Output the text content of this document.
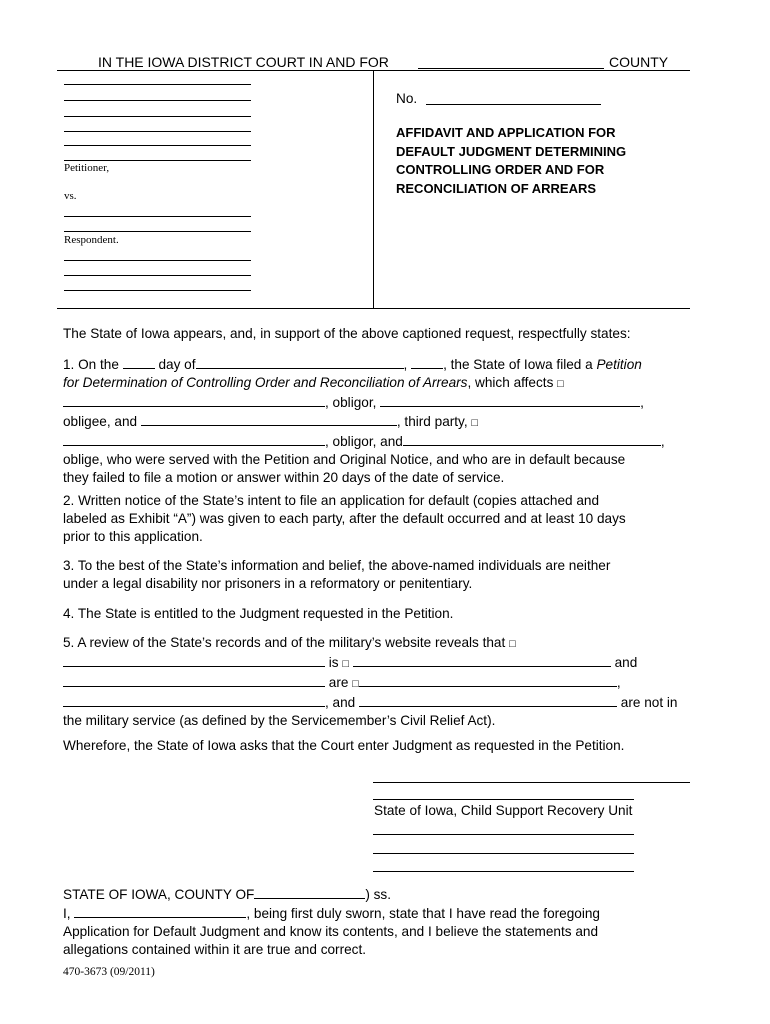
IN THE IOWA DISTRICT COURT IN AND FOR	COUNTY
Petitioner,
vs.
Respondent.
No.
AFFIDAVIT AND APPLICATION FOR
DEFAULT JUDGMENT DETERMINING
CONTROLLING ORDER AND FOR
RECONCILIATION OF ARREARS
The State of Iowa appears, and, in support of the above captioned request, respectfully states:
1. On the	day of	,	, the State of Iowa filed a Petition
for Determination of Controlling Order and Reconciliation of Arrears, which affects □
, obligor,	,
obligee, and	, third party, □
, obligor, and	,
oblige, who were served with the Petition and Original Notice, and who are in default because
they failed to file a motion or answer within 20 days of the date of service.
2. Written notice of the State’s intent to file an application for default (copies attached and
labeled as Exhibit “A”) was given to each party, after the default occurred and at least 10 days
prior to this application.
3. To the best of the State’s information and belief, the above-named individuals are neither
under a legal disability nor prisoners in a reformatory or penitentiary.
4. The State is entitled to the Judgment requested in the Petition.
5. A review of the State’s records and of the military’s website reveals that □
is □	and
are □	,
, and	are not in
the military service (as defined by the Servicemember’s Civil Relief Act).
Wherefore, the State of Iowa asks that the Court enter Judgment as requested in the Petition.
State of Iowa, Child Support Recovery Unit
STATE OF IOWA, COUNTY OF	) ss.
I,	, being first duly sworn, state that I have read the foregoing
Application for Default Judgment and know its contents, and I believe the statements and
allegations contained within it are true and correct.
470-3673 (09/2011)
